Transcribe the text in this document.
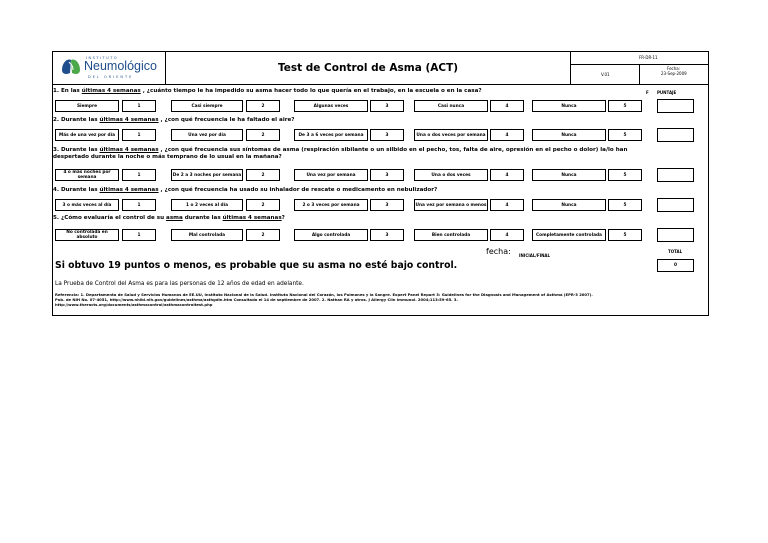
INSTITUTO
Neumológico
DEL ORIENTE
Test de Control de Asma (ACT)
FR-DR-11
V.01
Fecha:
23-Sep-2009
PUNTAJE
F
1. En las últimas 4 semanas , ¿cuánto tiempo le ha impedido su asma hacer todo lo que quería en el trabajo, en la escuela o en la casa?
Siempre	1	Casi siempre	2	Algunas veces	3	Casi nunca	4	Nunca	5
2. Durante las últimas 4 semanas , ¿con qué frecuencia le ha faltado el aire?
Más de una vez por día	1	Una vez por día	2	De 3 a 6 veces por semana	3	Una o dos veces por semana	4	Nunca	5
3. Durante las últimas 4 semanas , ¿con qué frecuencia sus síntomas de asma (respiración sibilante o un silbido en el pecho, tos, falta de aire, opresión en el pecho o dolor) la/lo han
despertado durante la noche o más temprano de lo usual en la mañana?
4 o más noches por semana	1	De 2 a 3 noches por semana	2	Una vez por semana	3	Una o dos veces	4	Nunca	5
4. Durante las últimas 4 semanas , ¿con qué frecuencia ha usado su inhalador de rescate o medicamento en nebulizador?
3 o más veces al día	1	1 o 2 veces al día	2	2 o 3 veces por semana	3	Una vez por semana o menos	4	Nunca	5
5. ¿Cómo evaluaría el control de su asma durante las últimas 4 semanas?
No controlada en absoluto	1	Mal controlada	2	Algo controlada	3	Bien controlada	4	Completamente controlada	5
TOTAL
0
fecha: INICIAL/FINAL
Si obtuvo 19 puntos o menos, es probable que su asma no esté bajo control.
La Prueba de Control del Asma es para las personas de 12 años de edad en adelante.
Referencia: 1. Departamento de Salud y Servicios Humanos de EE.UU, Instituto Nacional de la Salud. Instituto Nacional del Corazón, los Pulmones y la Sangre. Expert Panel Report 3: Guidelines for the Diagnosis and Management of Asthma (EPR-3 2007).
Pub. de NIH No. 07-4051, http://www.nhlbi.nih.gov/guidelines/asthma/asthgdln.htm Consultado el 14 de septiembre de 2007. 2. Nathan RA y otros. J Allergy Clin Immunol. 2004;113:59-65. 3.
http://www.theracts.org/documents/asthmacontrol/asthmacontroltest.php
